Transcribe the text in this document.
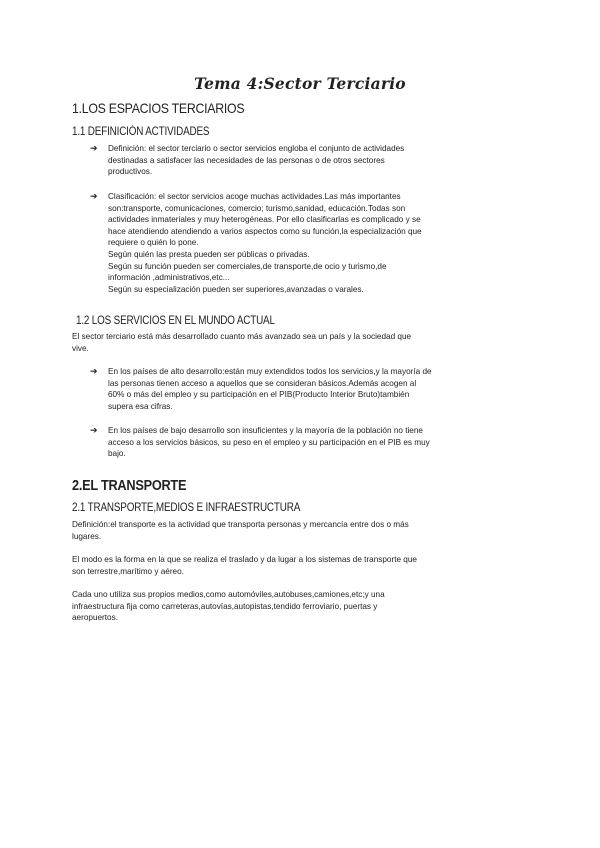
Tema 4:Sector Terciario
1.LOS ESPACIOS TERCIARIOS
1.1 DEFINICIÓN ACTIVIDADES
➔ Definición: el sector terciario o sector servicios engloba el conjunto de actividades
destinadas a satisfacer las necesidades de las personas o de otros sectores
productivos.
➔ Clasificación: el sector servicios acoge muchas actividades.Las más importantes
son:transporte, comunicaciones, comercio; turismo,sanidad, educación.Todas son
actividades inmateriales y muy heterogéneas. Por ello clasificarlas es complicado y se
hace atendiendo atendiendo a varios aspectos como su función,la especialización que
requiere o quién lo pone.
Según quién las presta pueden ser públicas o privadas.
Según su función pueden ser comerciales,de transporte,de ocio y turismo,de
información ,administrativos,etc...
Según su especialización pueden ser superiores,avanzadas o varales.
1.2 LOS SERVICIOS EN EL MUNDO ACTUAL
El sector terciario está más desarrollado cuanto más avanzado sea un país y la sociedad que
vive.
➔ En los países de alto desarrollo:están muy extendidos todos los servicios,y la mayoría de
las personas tienen acceso a aquellos que se consideran básicos.Además acogen al
60% o más del empleo y su participación en el PIB(Producto Interior Bruto)también
supera esa cifras.
➔ En los países de bajo desarrollo son insuficientes y la mayoría de la población no tiene
acceso a los servicios básicos, su peso en el empleo y su participación en el PIB es muy
bajo.
2.EL TRANSPORTE
2.1 TRANSPORTE,MEDIOS E INFRAESTRUCTURA
Definición:el transporte es la actividad que transporta personas y mercancía entre dos o más
lugares.
El modo es la forma en la que se realiza el traslado y da lugar a los sistemas de transporte que
son terrestre,marítimo y aéreo.
Cada uno utiliza sus propios medios,como automóviles,autobuses,camiones,etc;y una
infraestructura fija como carreteras,autovías,autopistas,tendido ferroviario, puertas y
aeropuertos.
